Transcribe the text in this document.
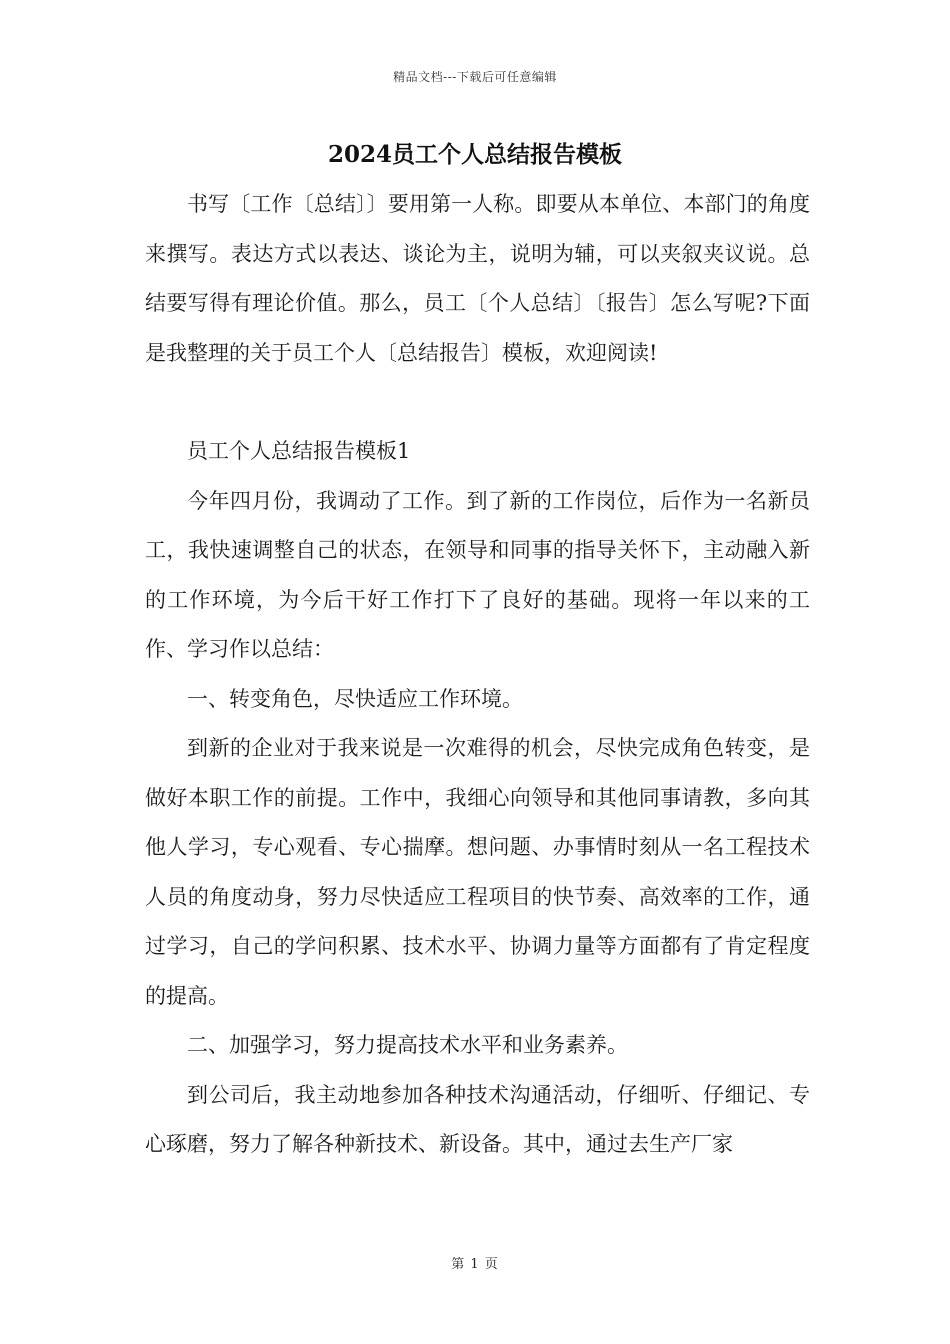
精品文档---下载后可任意编辑
2024员工个人总结报告模板

书写〔工作〔总结〕〕要用第一人称。即要从本单位、本部门的角度来撰写。表达方式以表达、谈论为主，说明为辅，可以夹叙夹议说。总结要写得有理论价值。那么，员工〔个人总结〕〔报告〕怎么写呢?下面是我整理的关于员工个人〔总结报告〕模板，欢迎阅读!

员工个人总结报告模板1

今年四月份，我调动了工作。到了新的工作岗位，后作为一名新员工，我快速调整自己的状态，在领导和同事的指导关怀下，主动融入新的工作环境，为今后干好工作打下了良好的基础。现将一年以来的工作、学习作以总结：

一、转变角色，尽快适应工作环境。

到新的企业对于我来说是一次难得的机会，尽快完成角色转变，是做好本职工作的前提。工作中，我细心向领导和其他同事请教，多向其他人学习，专心观看、专心揣摩。想问题、办事情时刻从一名工程技术人员的角度动身，努力尽快适应工程项目的快节奏、高效率的工作，通过学习，自己的学问积累、技术水平、协调力量等方面都有了肯定程度的提高。

二、加强学习，努力提高技术水平和业务素养。

到公司后，我主动地参加各种技术沟通活动，仔细听、仔细记、专心琢磨，努力了解各种新技术、新设备。其中，通过去生产厂家

第 1 页
